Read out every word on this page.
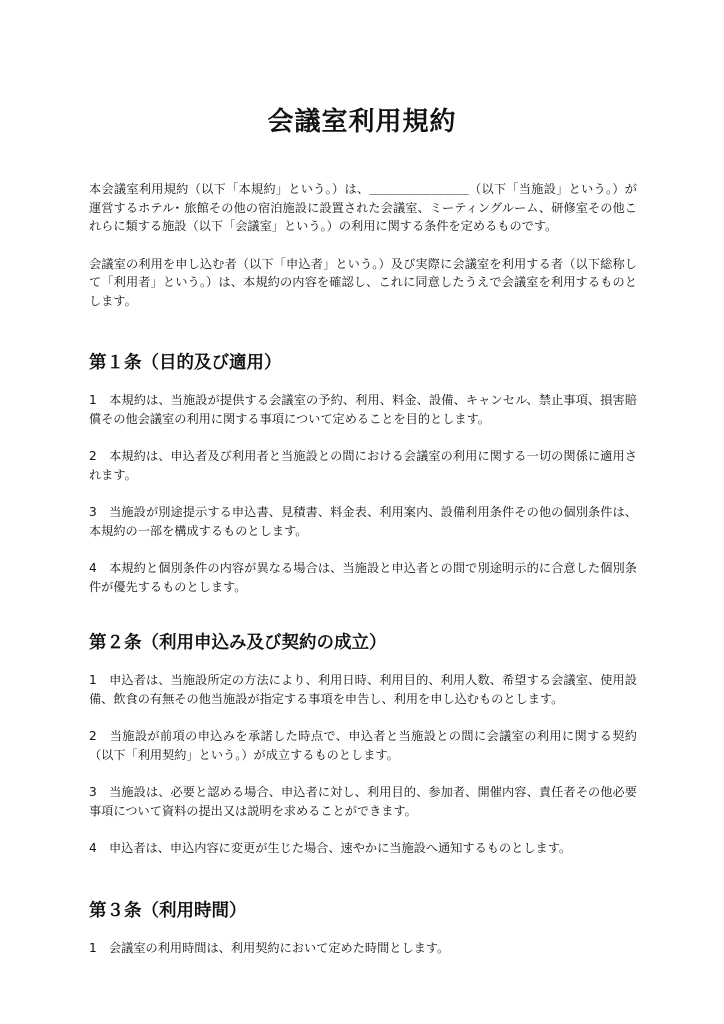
会議室利用規約

本会議室利用規約（以下「本規約」という。）は、＿＿＿＿＿＿＿＿（以下「当施設」という。）が運営するホテル･ 旅館その他の宿泊施設に設置された会議室、ミーティングルーム、研修室その他これらに類する施設（以下「会議室」という。）の利用に関する条件を定めるものです。

会議室の利用を申し込む者（以下「申込者」という。）及び実際に会議室を利用する者（以下総称して「利用者」という。）は、本規約の内容を確認し、これに同意したうえで会議室を利用するものとします。

第１条（目的及び適用）

1　本規約は、当施設が提供する会議室の予約、利用、料金、設備、キャンセル、禁止事項、損害賠償その他会議室の利用に関する事項について定めることを目的とします。

2　本規約は、申込者及び利用者と当施設との間における会議室の利用に関する一切の関係に適用されます。

3　当施設が別途提示する申込書、見積書、料金表、利用案内、設備利用条件その他の個別条件は、本規約の一部を構成するものとします。

4　本規約と個別条件の内容が異なる場合は、当施設と申込者との間で別途明示的に合意した個別条件が優先するものとします。

第２条（利用申込み及び契約の成立）

1　申込者は、当施設所定の方法により、利用日時、利用目的、利用人数、希望する会議室、使用設備、飲食の有無その他当施設が指定する事項を申告し、利用を申し込むものとします。

2　当施設が前項の申込みを承諾した時点で、申込者と当施設との間に会議室の利用に関する契約（以下「利用契約」という。）が成立するものとします。

3　当施設は、必要と認める場合、申込者に対し、利用目的、参加者、開催内容、責任者その他必要事項について資料の提出又は説明を求めることができます。

4　申込者は、申込内容に変更が生じた場合、速やかに当施設へ通知するものとします。

第３条（利用時間）

1　会議室の利用時間は、利用契約において定めた時間とします。
